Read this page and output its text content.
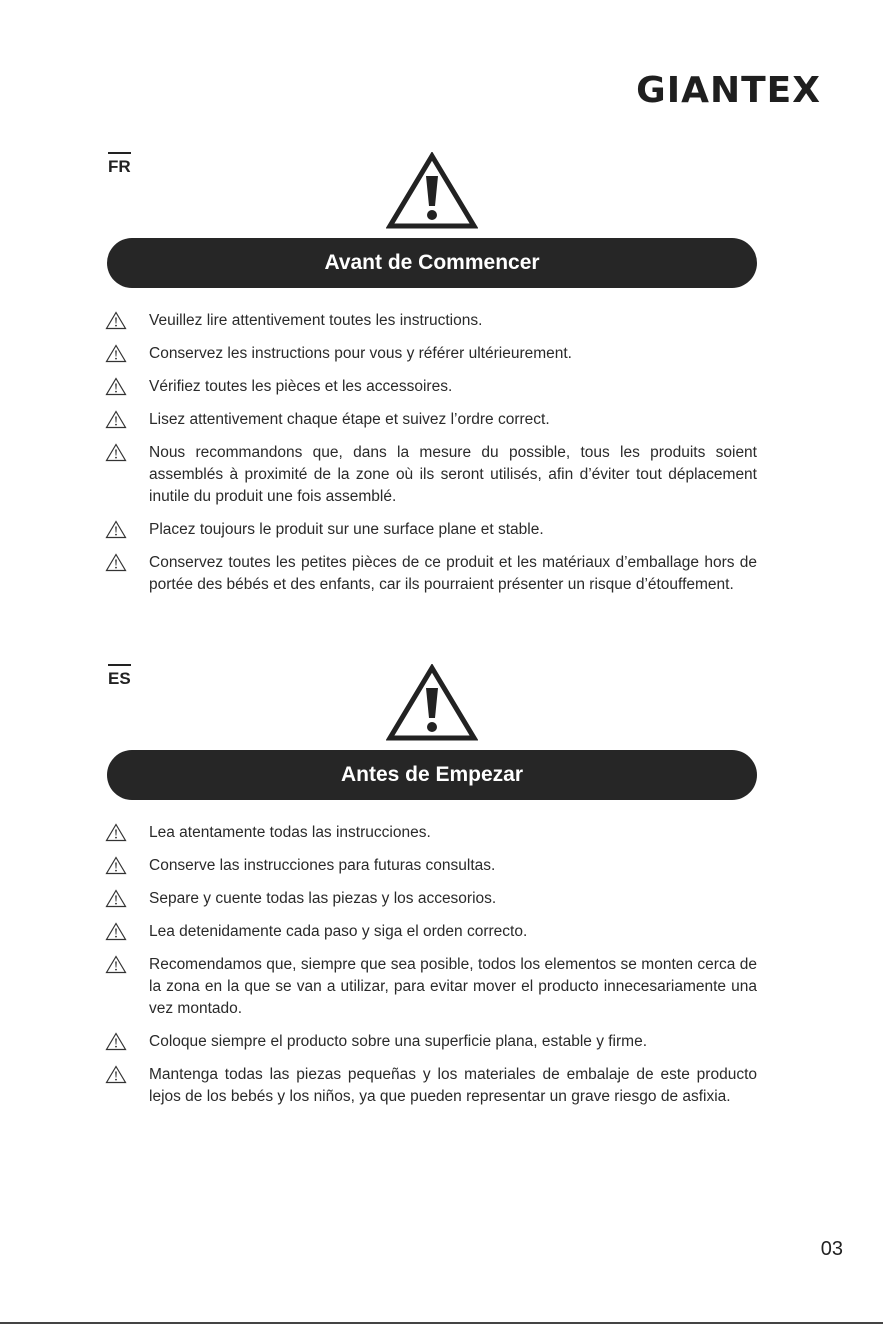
GIANTEX
FR
Avant de Commencer
Veuillez lire attentivement toutes les instructions.
Conservez les instructions pour vous y référer ultérieurement.
Vérifiez toutes les pièces et les accessoires.
Lisez attentivement chaque étape et suivez l’ordre correct.
Nous recommandons que, dans la mesure du possible, tous les produits soient assemblés à proximité de la zone où ils seront utilisés, afin d’éviter tout déplacement inutile du produit une fois assemblé.
Placez toujours le produit sur une surface plane et stable.
Conservez toutes les petites pièces de ce produit et les matériaux d’emballage hors de portée des bébés et des enfants, car ils pourraient présenter un risque d’étouffement.
ES
Antes de Empezar
Lea atentamente todas las instrucciones.
Conserve las instrucciones para futuras consultas.
Separe y cuente todas las piezas y los accesorios.
Lea detenidamente cada paso y siga el orden correcto.
Recomendamos que, siempre que sea posible, todos los elementos se monten cerca de la zona en la que se van a utilizar, para evitar mover el producto innecesariamente una vez montado.
Coloque siempre el producto sobre una superficie plana, estable y firme.
Mantenga todas las piezas pequeñas y los materiales de embalaje de este producto lejos de los bebés y los niños, ya que pueden representar un grave riesgo de asfixia.
03
